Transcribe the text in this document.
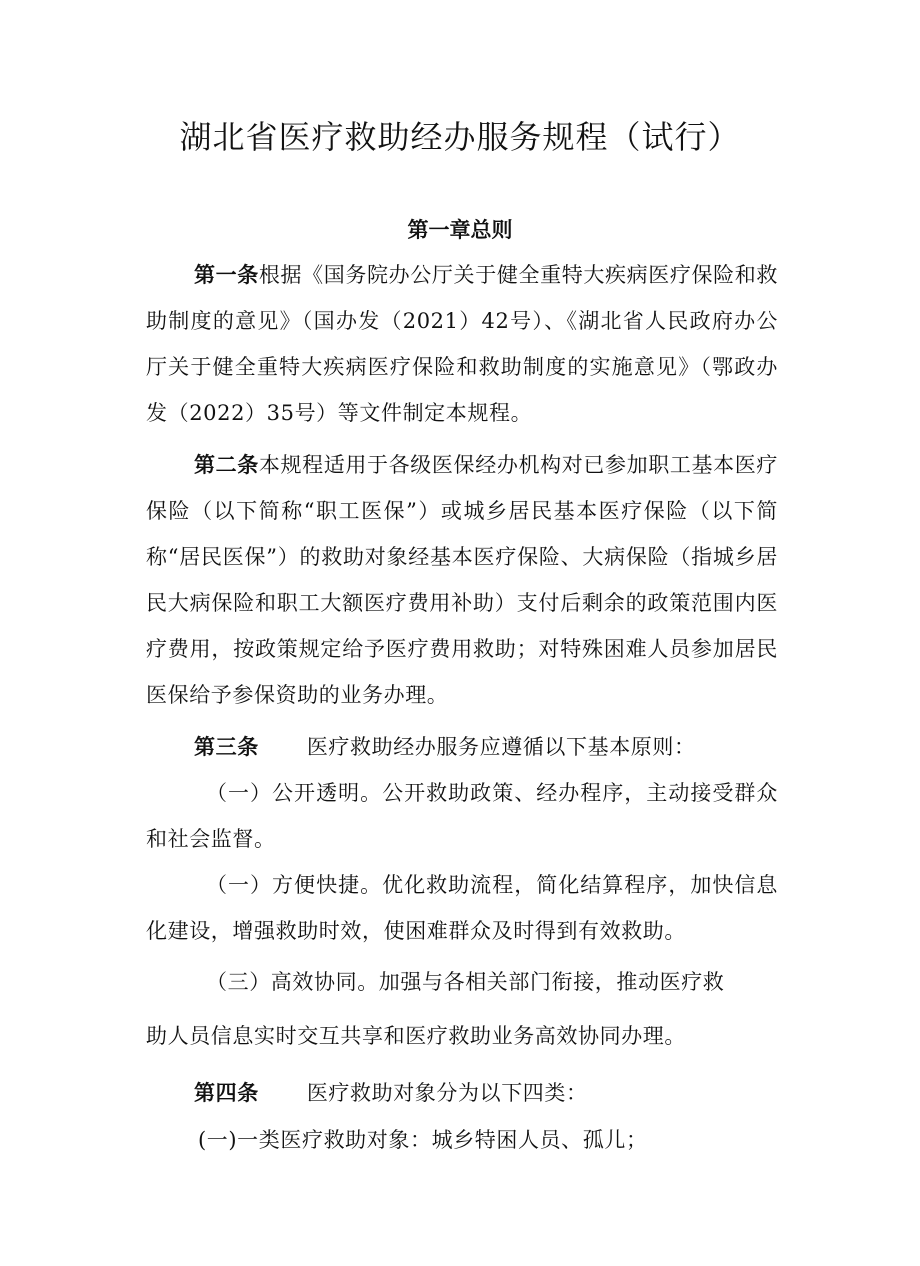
湖北省医疗救助经办服务规程（试行）
第一章总则

第一条根据《国务院办公厅关于健全重特大疾病医疗保险和救助制度的意见》（国办发（2021）42号）、《湖北省人民政府办公厅关于健全重特大疾病医疗保险和救助制度的实施意见》（鄂政办发（2022）35号）等文件制定本规程。

第二条本规程适用于各级医保经办机构对已参加职工基本医疗保险（以下简称“职工医保”）或城乡居民基本医疗保险（以下简称“居民医保”）的救助对象经基本医疗保险、大病保险（指城乡居民大病保险和职工大额医疗费用补助）支付后剩余的政策范围内医疗费用，按政策规定给予医疗费用救助；对特殊困难人员参加居民医保给予参保资助的业务办理。

第三条 医疗救助经办服务应遵循以下基本原则：

（一）公开透明。公开救助政策、经办程序，主动接受群众和社会监督。

（一）方便快捷。优化救助流程，简化结算程序，加快信息化建设，增强救助时效，使困难群众及时得到有效救助。

（三）高效协同。加强与各相关部门衔接，推动医疗救
助人员信息实时交互共享和医疗救助业务高效协同办理。
第四条 医疗救助对象分为以下四类：
(一)一类医疗救助对象：城乡特困人员、孤儿；
